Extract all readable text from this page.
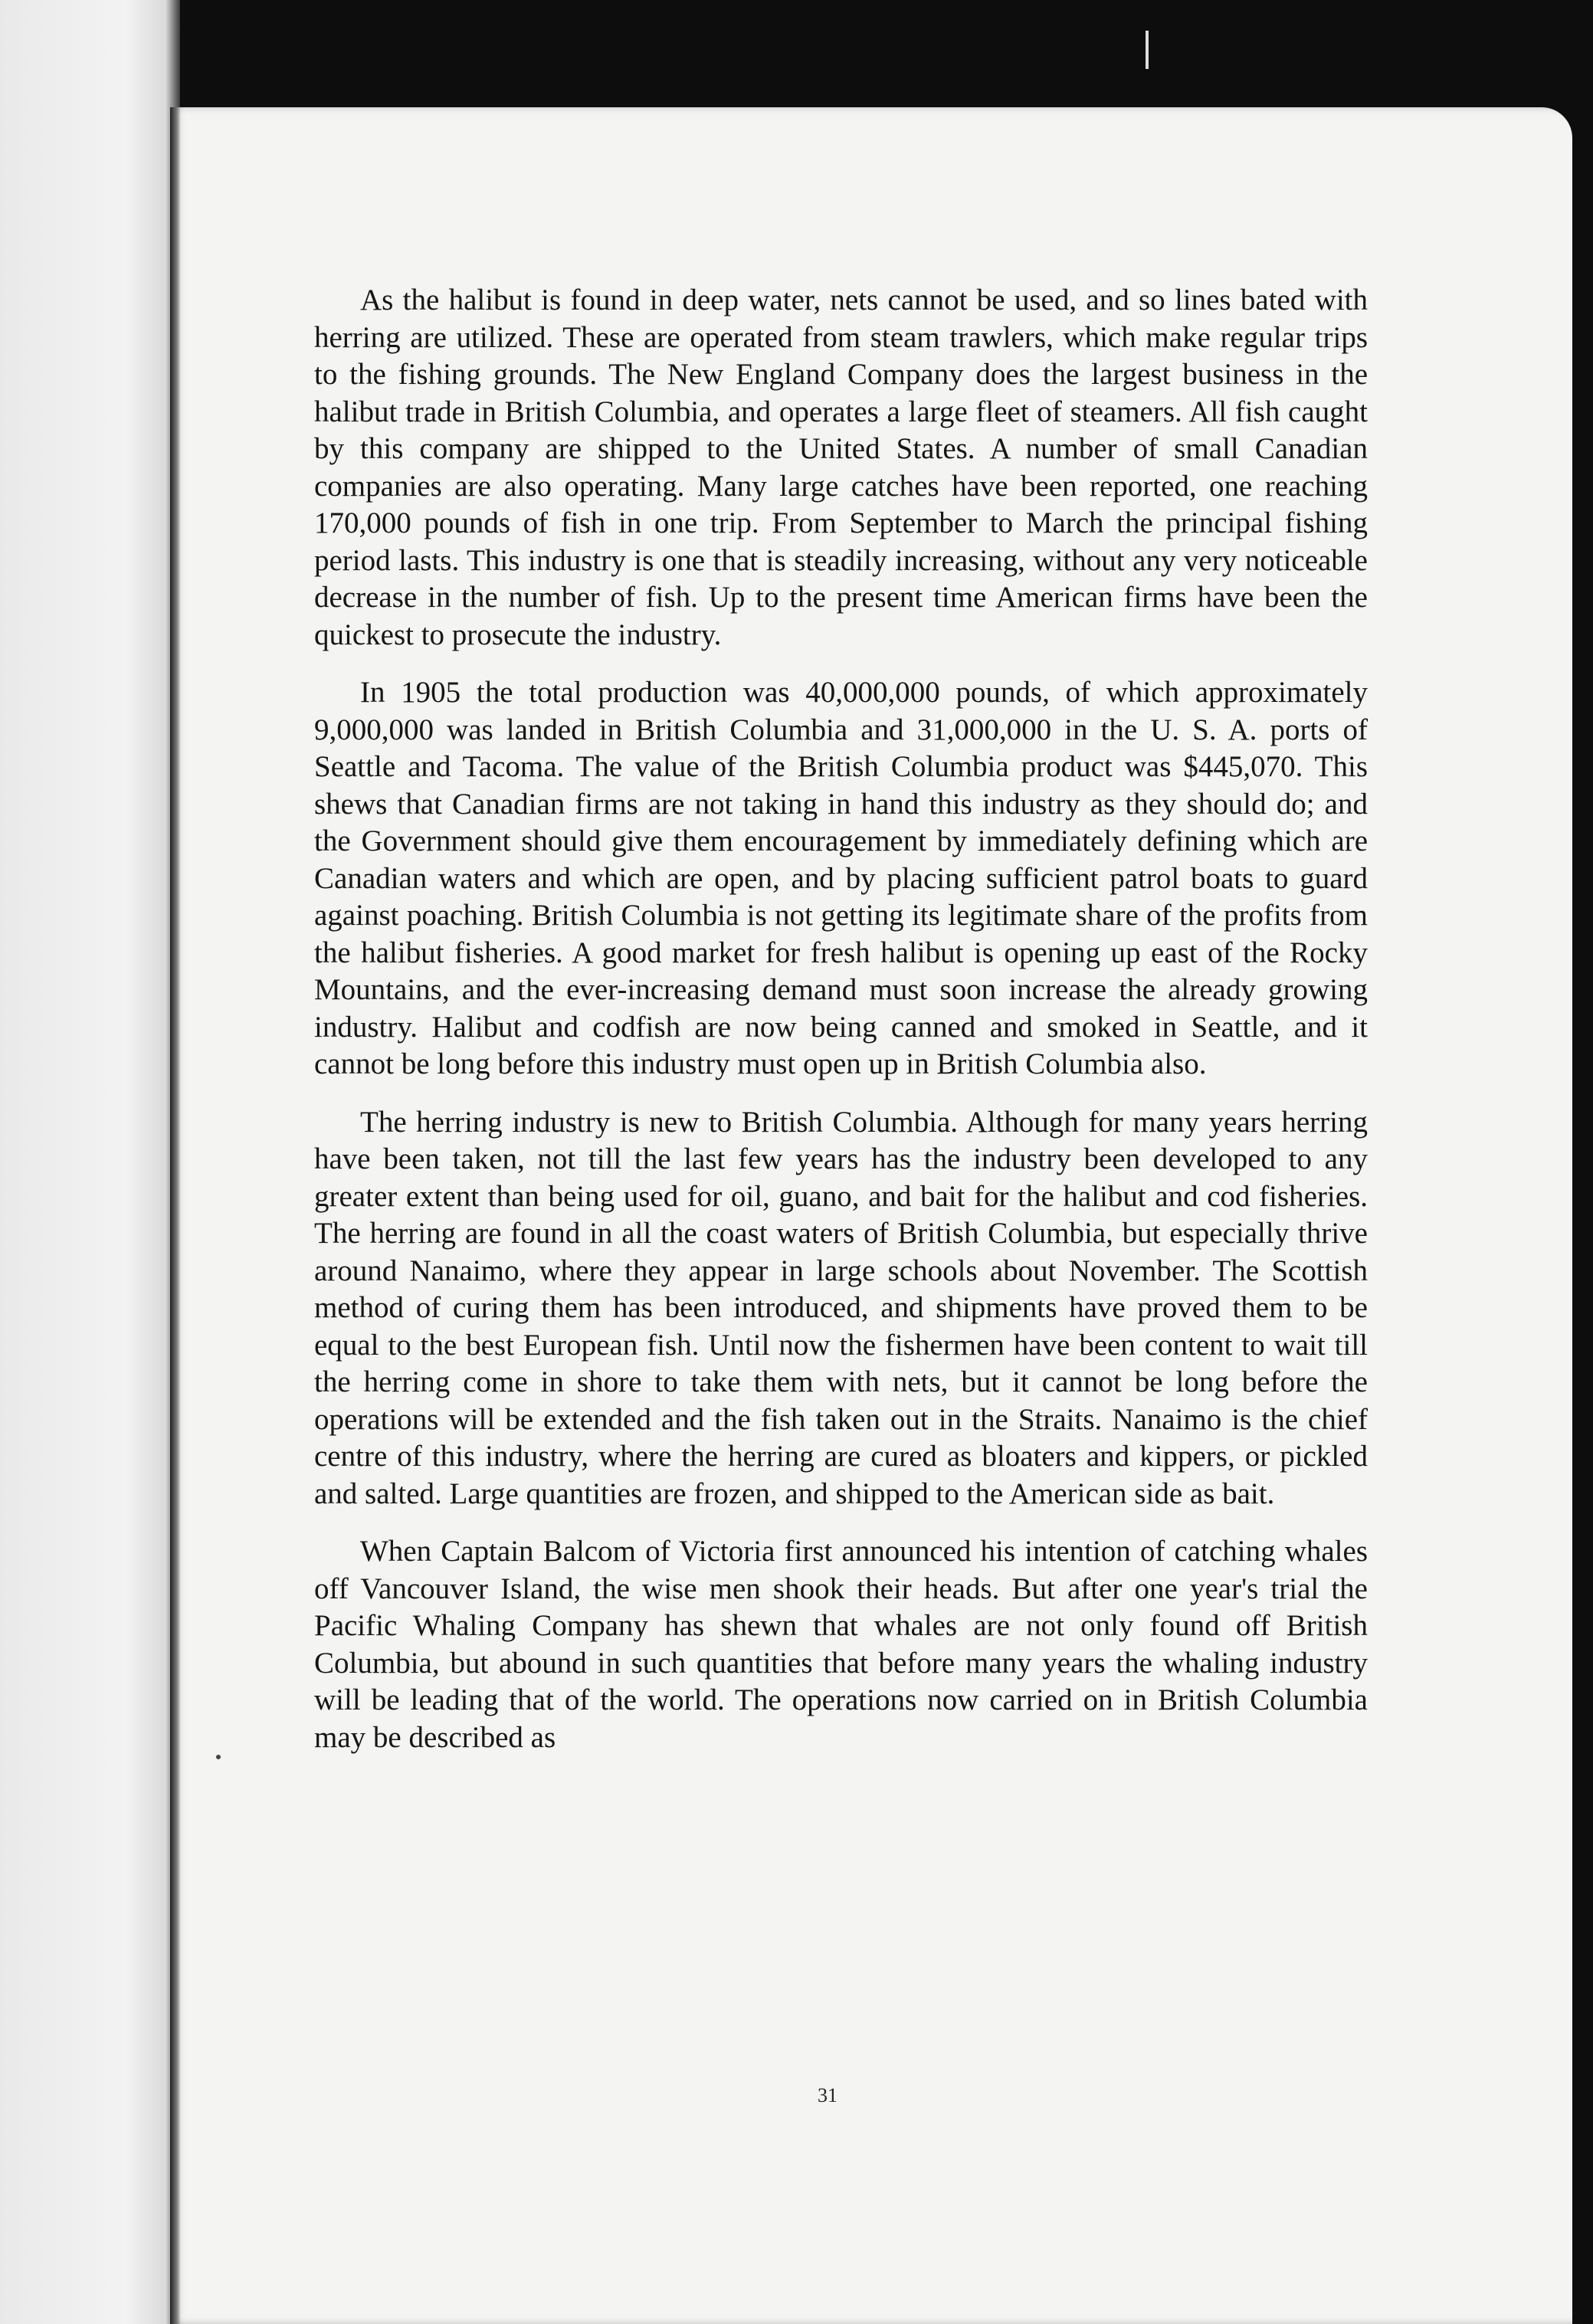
As the halibut is found in deep water, nets cannot be used, and so lines bated with herring are utilized. These are operated from steam trawlers, which make regular trips to the fishing grounds. The New England Company does the largest business in the halibut trade in British Columbia, and operates a large fleet of steamers. All fish caught by this company are shipped to the United States. A number of small Canadian companies are also operating. Many large catches have been reported, one reaching 170,000 pounds of fish in one trip. From September to March the principal fishing period lasts. This industry is one that is steadily increasing, without any very noticeable decrease in the number of fish. Up to the present time American firms have been the quickest to prosecute the industry.

In 1905 the total production was 40,000,000 pounds, of which approximately 9,000,000 was landed in British Columbia and 31,000,000 in the U. S. A. ports of Seattle and Tacoma. The value of the British Columbia product was $445,070. This shews that Canadian firms are not taking in hand this industry as they should do; and the Government should give them encouragement by immediately defining which are Canadian waters and which are open, and by placing sufficient patrol boats to guard against poaching. British Columbia is not getting its legitimate share of the profits from the halibut fisheries. A good market for fresh halibut is opening up east of the Rocky Mountains, and the ever-increasing demand must soon increase the already growing industry. Halibut and codfish are now being canned and smoked in Seattle, and it cannot be long before this industry must open up in British Columbia also.

The herring industry is new to British Columbia. Although for many years herring have been taken, not till the last few years has the industry been developed to any greater extent than being used for oil, guano, and bait for the halibut and cod fisheries. The herring are found in all the coast waters of British Columbia, but especially thrive around Nanaimo, where they appear in large schools about November. The Scottish method of curing them has been introduced, and shipments have proved them to be equal to the best European fish. Until now the fishermen have been content to wait till the herring come in shore to take them with nets, but it cannot be long before the operations will be extended and the fish taken out in the Straits. Nanaimo is the chief centre of this industry, where the herring are cured as bloaters and kippers, or pickled and salted. Large quantities are frozen, and shipped to the American side as bait.

When Captain Balcom of Victoria first announced his intention of catching whales off Vancouver Island, the wise men shook their heads. But after one year's trial the Pacific Whaling Company has shewn that whales are not only found off British Columbia, but abound in such quantities that before many years the whaling industry will be leading that of the world. The operations now carried on in British Columbia may be described as

31
